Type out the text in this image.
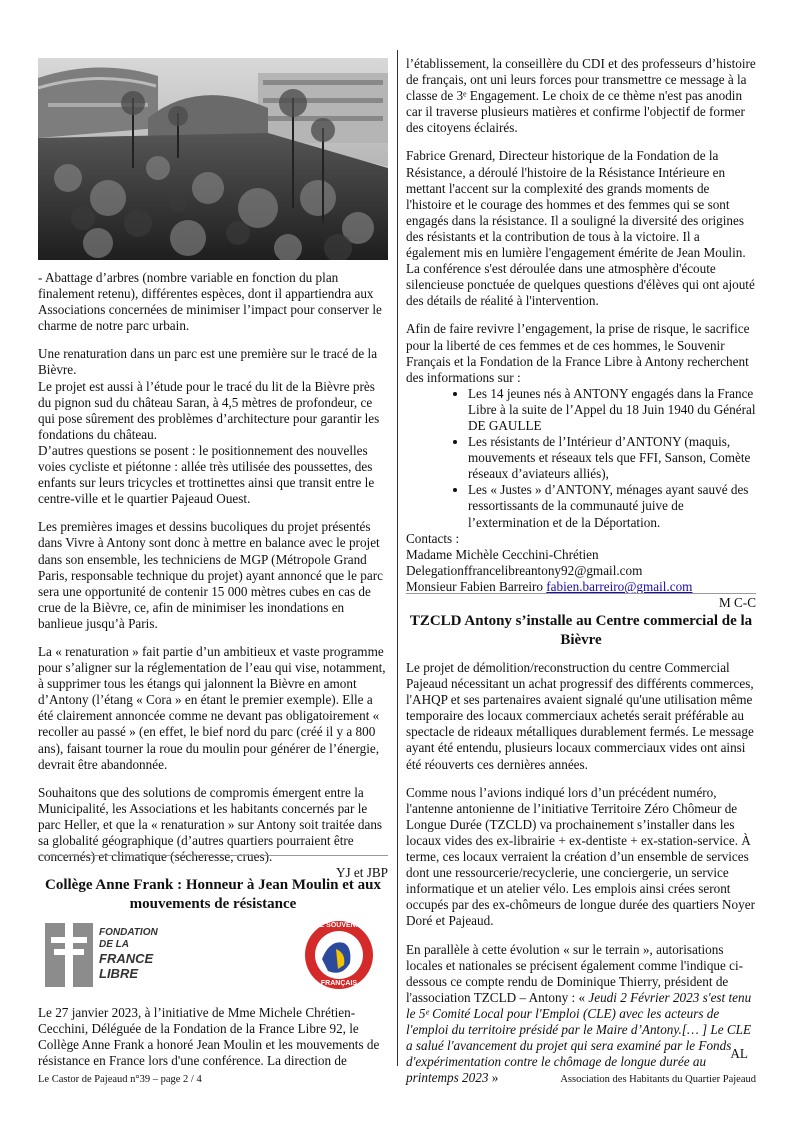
- Abattage d’arbres (nombre variable en fonction du plan finalement retenu), différentes espèces, dont il appartiendra aux Associations concernées de minimiser l’impact pour conserver le charme de notre parc urbain.

Une renaturation dans un parc est une première sur le tracé de la Bièvre.

Le projet est aussi à l’étude pour le tracé du lit de la Bièvre près du pignon sud du château Saran, à 4,5 mètres de profondeur, ce qui pose sûrement des problèmes d’architecture pour garantir les fondations du château.

D’autres questions se posent : le positionnement des nouvelles voies cycliste et piétonne : allée très utilisée des poussettes, des enfants sur leurs tricycles et trottinettes ainsi que transit entre le centre-ville et le quartier Pajeaud Ouest.

Les premières images et dessins bucoliques du projet présentés dans Vivre à Antony sont donc à mettre en balance avec le projet dans son ensemble, les techniciens de MGP (Métropole Grand Paris, responsable technique du projet) ayant annoncé que le parc sera une opportunité de contenir 15 000 mètres cubes en cas de crue de la Bièvre, ce, afin de minimiser les inondations en banlieue jusqu’à Paris.

La « renaturation » fait partie d’un ambitieux et vaste programme pour s’aligner sur la réglementation de l’eau qui vise, notamment, à supprimer tous les étangs qui jalonnent la Bièvre en amont d’Antony (l’étang « Cora » en étant le premier exemple). Elle a été clairement annoncée comme ne devant pas obligatoirement « recoller au passé » (en effet, le bief nord du parc (créé il y a 800 ans), faisant tourner la roue du moulin pour générer de l’énergie, devrait être abandonnée.

Souhaitons que des solutions de compromis émergent entre la Municipalité, les Associations et les habitants concernés par le parc Heller, et que la « renaturation » sur Antony soit traitée dans sa globalité géographique (d’autres quartiers pourraient être concernés) et climatique (sécheresse, crues).

YJ et JBP
Collège Anne Frank : Honneur à Jean Moulin et aux mouvements de résistance
FONDATION
DE LA
FRANCE
LIBRE
LE SOUVENIR
FRANÇAIS

Le 27 janvier 2023, à l’initiative de Mme Michele Chrétien-Cecchini, Déléguée de la Fondation de la France Libre 92, le Collège Anne Frank a honoré Jean Moulin et les mouvements de résistance en France lors d'une conférence. La direction de

l’établissement, la conseillère du CDI et des professeurs d’histoire de français, ont uni leurs forces pour transmettre ce message à la classe de 3ᵉ Engagement. Le choix de ce thème n'est pas anodin car il traverse plusieurs matières et confirme l'objectif de former des citoyens éclairés.

Fabrice Grenard, Directeur historique de la Fondation de la Résistance, a déroulé l'histoire de la Résistance Intérieure en mettant l'accent sur la complexité des grands moments de l'histoire et le courage des hommes et des femmes qui se sont engagés dans la résistance. Il a souligné la diversité des origines des résistants et la contribution de tous à la victoire. Il a également mis en lumière l'engagement émérite de Jean Moulin. La conférence s'est déroulée dans une atmosphère d'écoute silencieuse ponctuée de quelques questions d'élèves qui ont ajouté des détails de réalité à l'intervention.

Afin de faire revivre l’engagement, la prise de risque, le sacrifice pour la liberté de ces femmes et de ces hommes, le Souvenir Français et la Fondation de la France Libre à Antony recherchent des informations sur :

• Les 14 jeunes nés à ANTONY engagés dans la France Libre à la suite de l’Appel du 18 Juin 1940 du Général DE GAULLE
• Les résistants de l’Intérieur d’ANTONY (maquis, mouvements et réseaux tels que FFI, Sanson, Comète réseaux d’aviateurs alliés),
• Les « Justes » d’ANTONY, ménages ayant sauvé des ressortissants de la communauté juive de l’extermination et de la Déportation.

Contacts :

Madame Michèle Cecchini-Chrétien

Delegationffrancelibreantony92@gmail.com

Monsieur Fabien Barreiro fabien.barreiro@gmail.com

M C-C
TZCLD Antony s’installe au Centre commercial de la Bièvre

Le projet de démolition/reconstruction du centre Commercial Pajeaud nécessitant un achat progressif des différents commerces, l'AHQP et ses partenaires avaient signalé qu'une utilisation même temporaire des locaux commerciaux achetés serait préférable au spectacle de rideaux métalliques durablement fermés. Le message ayant été entendu, plusieurs locaux commerciaux vides ont ainsi été réouverts ces dernières années.

Comme nous l’avions indiqué lors d’un précédent numéro, l'antenne antonienne de l’initiative Territoire Zéro Chômeur de Longue Durée (TZCLD) va prochainement s’installer dans les locaux vides des ex-librairie + ex-dentiste + ex-station-service. À terme, ces locaux verraient la création d’un ensemble de services dont une ressourcerie/recyclerie, une conciergerie, un service informatique et un atelier vélo. Les emplois ainsi crées seront occupés par des ex-chômeurs de longue durée des quartiers Noyer Doré et Pajeaud.

En parallèle à cette évolution « sur le terrain », autorisations locales et nationales se précisent également comme l'indique ci-dessous ce compte rendu de Dominique Thierry, président de l'association TZCLD – Antony : « Jeudi 2 Février 2023 s'est tenu le 5ᵉ Comité Local pour l'Emploi (CLE) avec les acteurs de l'emploi du territoire présidé par le Maire d’Antony.[… ] Le CLE a salué l'avancement du projet qui sera examiné par le Fonds d'expérimentation contre le chômage de longue durée au printemps 2023 »

AL
Le Castor de Pajeaud n°39 – page 2 / 4	Association des Habitants du Quartier Pajeaud
